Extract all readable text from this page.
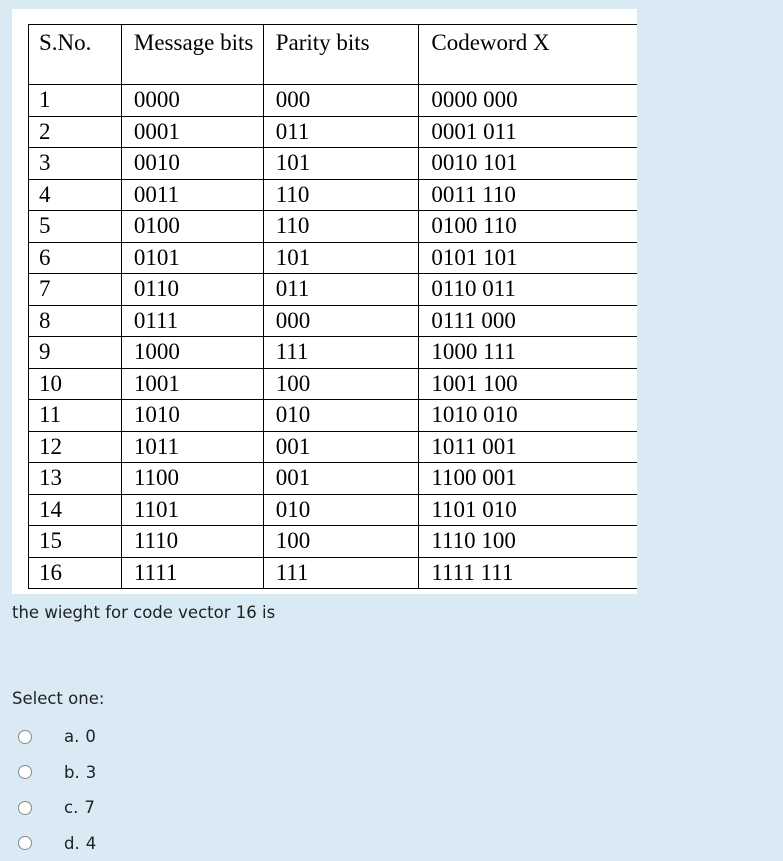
S.No.	Message bits	Parity bits	Codeword X
1	0000	000	0000 000
2	0001	011	0001 011
3	0010	101	0010 101
4	0011	110	0011 110
5	0100	110	0100 110
6	0101	101	0101 101
7	0110	011	0110 011
8	0111	000	0111 000
9	1000	111	1000 111
10	1001	100	1001 100
11	1010	010	1010 010
12	1011	001	1011 001
13	1100	001	1100 001
14	1101	010	1101 010
15	1110	100	1110 100
16	1111	111	1111 111
the wieght for code vector 16 is
Select one:
a. 0
b. 3
c. 7
d. 4
